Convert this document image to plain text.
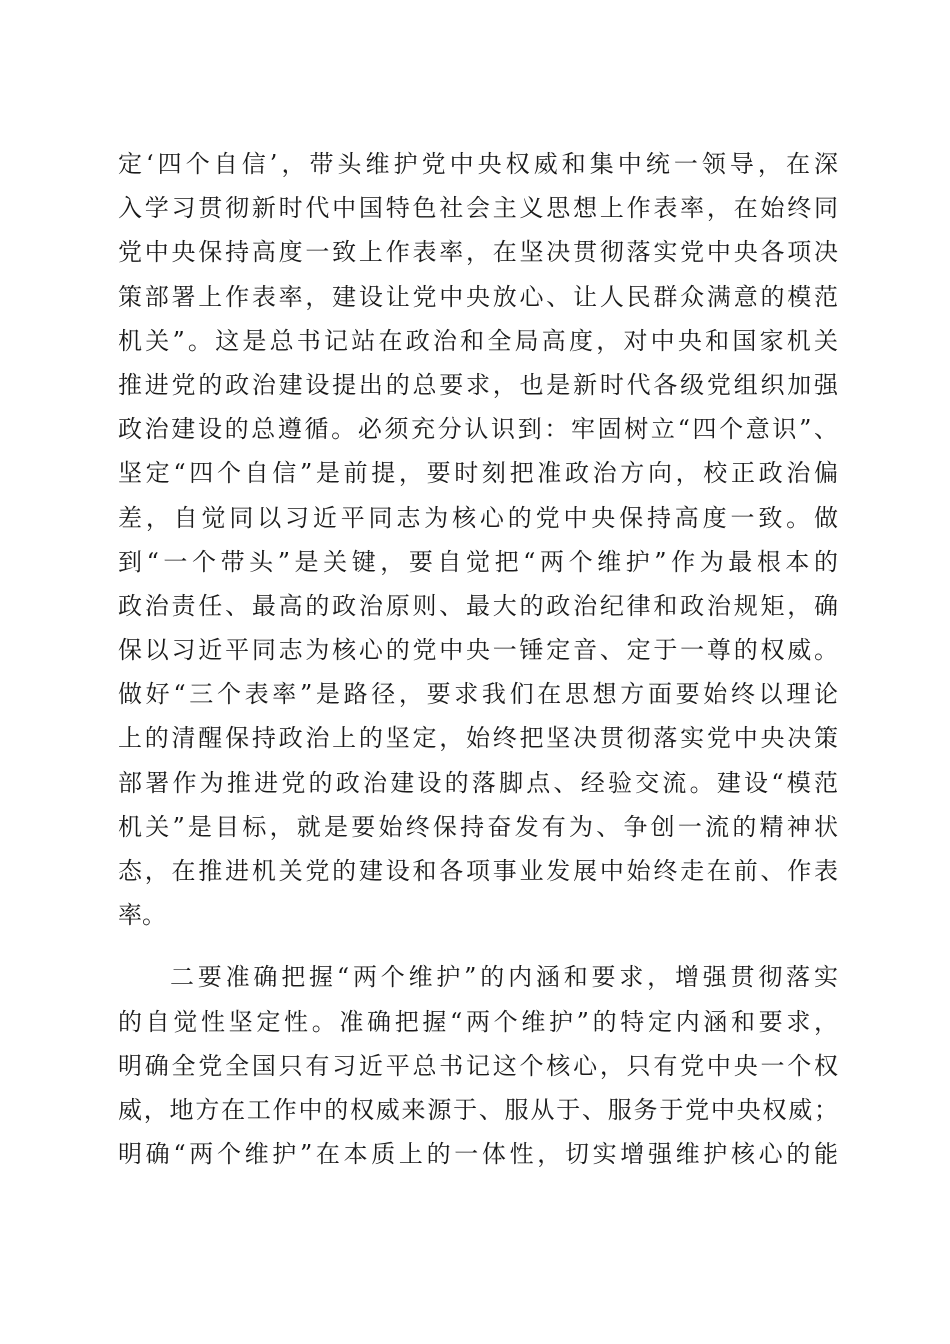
定‘四个自信’，带头维护党中央权威和集中统一领导，在深
入学习贯彻新时代中国特色社会主义思想上作表率，在始终同
党中央保持高度一致上作表率，在坚决贯彻落实党中央各项决
策部署上作表率，建设让党中央放心、让人民群众满意的模范
机关”。这是总书记站在政治和全局高度，对中央和国家机关
推进党的政治建设提出的总要求，也是新时代各级党组织加强
政治建设的总遵循。必须充分认识到：牢固树立“四个意识”、
坚定“四个自信”是前提，要时刻把准政治方向，校正政治偏
差，自觉同以习近平同志为核心的党中央保持高度一致。做
到“一个带头”是关键，要自觉把“两个维护”作为最根本的
政治责任、最高的政治原则、最大的政治纪律和政治规矩，确
保以习近平同志为核心的党中央一锤定音、定于一尊的权威。
做好“三个表率”是路径，要求我们在思想方面要始终以理论
上的清醒保持政治上的坚定，始终把坚决贯彻落实党中央决策
部署作为推进党的政治建设的落脚点、经验交流。建设“模范
机关”是目标，就是要始终保持奋发有为、争创一流的精神状
态，在推进机关党的建设和各项事业发展中始终走在前、作表
率。
二要准确把握“两个维护”的内涵和要求，增强贯彻落实
的自觉性坚定性。准确把握“两个维护”的特定内涵和要求，
明确全党全国只有习近平总书记这个核心，只有党中央一个权
威，地方在工作中的权威来源于、服从于、服务于党中央权威；
明确“两个维护”在本质上的一体性，切实增强维护核心的能
